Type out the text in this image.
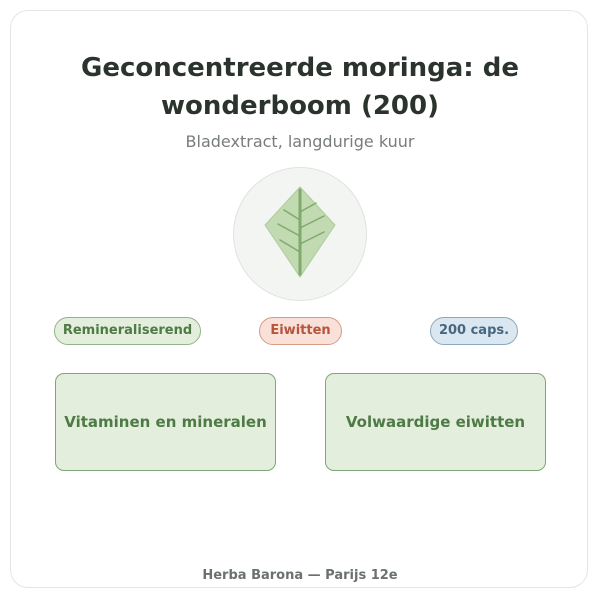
Geconcentreerde moringa: de wonderboom (200)
Bladextract, langdurige kuur
Remineraliserend	Eiwitten	200 caps.
Vitaminen en mineralen	Volwaardige eiwitten
Herba Barona — Parijs 12e
